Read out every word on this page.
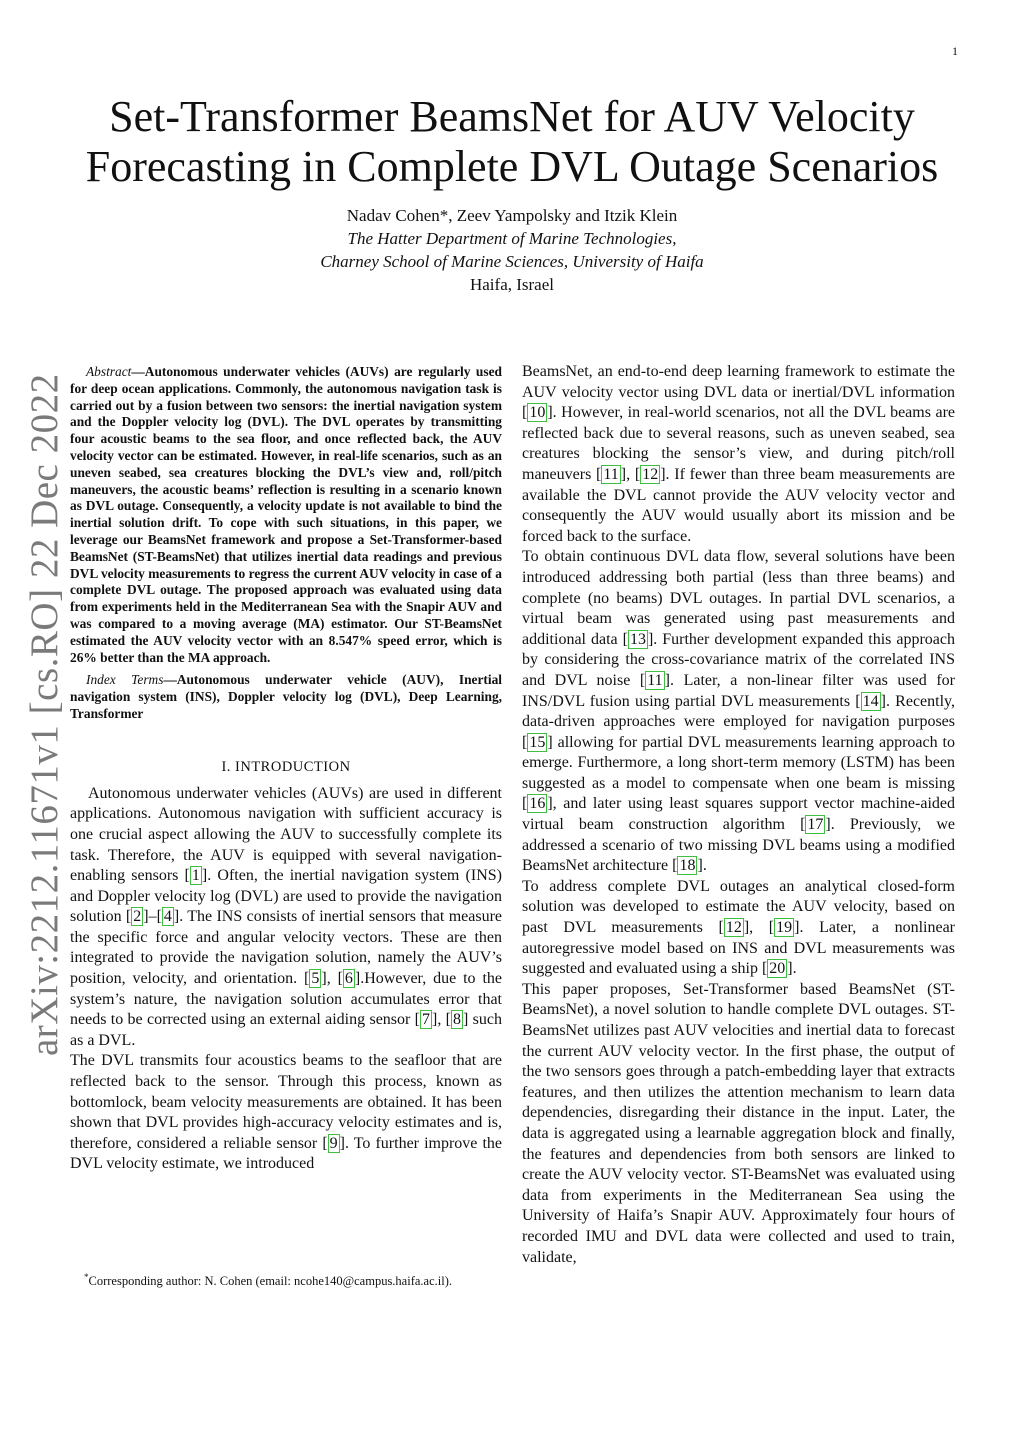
1
arXiv:2212.11671v1 [cs.RO] 22 Dec 2022
Set-Transformer BeamsNet for AUV Velocity
Forecasting in Complete DVL Outage Scenarios
Nadav Cohen*, Zeev Yampolsky and Itzik Klein
The Hatter Department of Marine Technologies,
Charney School of Marine Sciences, University of Haifa
Haifa, Israel

Abstract—Autonomous underwater vehicles (AUVs) are regularly used for deep ocean applications. Commonly, the autonomous navigation task is carried out by a fusion between two sensors: the inertial navigation system and the Doppler velocity log (DVL). The DVL operates by transmitting four acoustic beams to the sea floor, and once reflected back, the AUV velocity vector can be estimated. However, in real-life scenarios, such as an uneven seabed, sea creatures blocking the DVL’s view and, roll/pitch maneuvers, the acoustic beams’ reflection is resulting in a scenario known as DVL outage. Consequently, a velocity update is not available to bind the inertial solution drift. To cope with such situations, in this paper, we leverage our BeamsNet framework and propose a Set-Transformer-based BeamsNet (ST-BeamsNet) that utilizes inertial data readings and previous DVL velocity measurements to regress the current AUV velocity in case of a complete DVL outage. The proposed approach was evaluated using data from experiments held in the Mediterranean Sea with the Snapir AUV and was compared to a moving average (MA) estimator. Our ST-BeamsNet estimated the AUV velocity vector with an 8.547% speed error, which is 26% better than the MA approach.

Index Terms—Autonomous underwater vehicle (AUV), Inertial navigation system (INS), Doppler velocity log (DVL), Deep Learning, Transformer

I. INTRODUCTION

Autonomous underwater vehicles (AUVs) are used in different applications. Autonomous navigation with sufficient accuracy is one crucial aspect allowing the AUV to successfully complete its task. Therefore, the AUV is equipped with several navigation-enabling sensors [ 1 ]. Often, the inertial navigation system (INS) and Doppler velocity log (DVL) are used to provide the navigation solution [ 2 ]–[ 4 ]. The INS consists of inertial sensors that measure the specific force and angular velocity vectors. These are then integrated to provide the navigation solution, namely the AUV’s position, velocity, and orientation. [ 5 ], [ 6 ].However, due to the system’s nature, the navigation solution accumulates error that needs to be corrected using an external aiding sensor [ 7 ], [ 8 ] such as a DVL.

The DVL transmits four acoustics beams to the seafloor that are reflected back to the sensor. Through this process, known as bottomlock, beam velocity measurements are obtained. It has been shown that DVL provides high-accuracy velocity estimates and is, therefore, considered a reliable sensor [ 9 ]. To further improve the DVL velocity estimate, we introduced

BeamsNet, an end-to-end deep learning framework to estimate the AUV velocity vector using DVL data or inertial/DVL information [ 10 ]. However, in real-world scenarios, not all the DVL beams are reflected back due to several reasons, such as uneven seabed, sea creatures blocking the sensor’s view, and during pitch/roll maneuvers [ 11 ], [ 12 ]. If fewer than three beam measurements are available the DVL cannot provide the AUV velocity vector and consequently the AUV would usually abort its mission and be forced back to the surface.

To obtain continuous DVL data flow, several solutions have been introduced addressing both partial (less than three beams) and complete (no beams) DVL outages. In partial DVL scenarios, a virtual beam was generated using past measurements and additional data [ 13 ]. Further development expanded this approach by considering the cross-covariance matrix of the correlated INS and DVL noise [ 11 ]. Later, a non-linear filter was used for INS/DVL fusion using partial DVL measurements [ 14 ]. Recently, data-driven approaches were employed for navigation purposes [ 15 ] allowing for partial DVL measurements learning approach to emerge. Furthermore, a long short-term memory (LSTM) has been suggested as a model to compensate when one beam is missing [ 16 ], and later using least squares support vector machine-aided virtual beam construction algorithm [ 17 ]. Previously, we addressed a scenario of two missing DVL beams using a modified BeamsNet architecture [ 18 ].

To address complete DVL outages an analytical closed-form solution was developed to estimate the AUV velocity, based on past DVL measurements [ 12 ], [ 19 ]. Later, a nonlinear autoregressive model based on INS and DVL measurements was suggested and evaluated using a ship [ 20 ].

This paper proposes, Set-Transformer based BeamsNet (ST-BeamsNet), a novel solution to handle complete DVL outages. ST-BeamsNet utilizes past AUV velocities and inertial data to forecast the current AUV velocity vector. In the first phase, the output of the two sensors goes through a patch-embedding layer that extracts features, and then utilizes the attention mechanism to learn data dependencies, disregarding their distance in the input. Later, the data is aggregated using a learnable aggregation block and finally, the features and dependencies from both sensors are linked to create the AUV velocity vector. ST-BeamsNet was evaluated using data from experiments in the Mediterranean Sea using the University of Haifa’s Snapir AUV. Approximately four hours of recorded IMU and DVL data were collected and used to train, validate,

*Corresponding author: N. Cohen (email: ncohe140@campus.haifa.ac.il).
